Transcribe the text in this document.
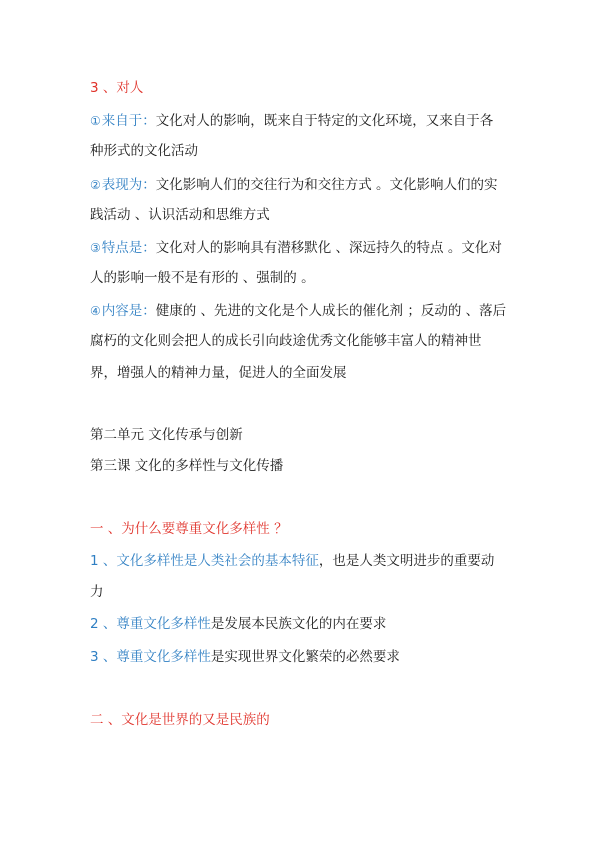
3 、对人
①来自于：文化对人的影响，既来自于特定的文化环境，又来自于各
种形式的文化活动
②表现为：文化影响人们的交往行为和交往方式 。文化影响人们的实
践活动 、认识活动和思维方式
③特点是：文化对人的影响具有潜移默化 、深远持久的特点 。文化对
人的影响一般不是有形的 、强制的 。
④内容是：健康的 、先进的文化是个人成长的催化剂 ；反动的 、落后
腐朽的文化则会把人的成长引向歧途优秀文化能够丰富人的精神世
界，增强人的精神力量，促进人的全面发展
第二单元 文化传承与创新
第三课 文化的多样性与文化传播
一 、为什么要尊重文化多样性 ？
1 、文化多样性是人类社会的基本特征，也是人类文明进步的重要动
力
2 、尊重文化多样性是发展本民族文化的内在要求
3 、尊重文化多样性是实现世界文化繁荣的必然要求
二 、文化是世界的又是民族的
